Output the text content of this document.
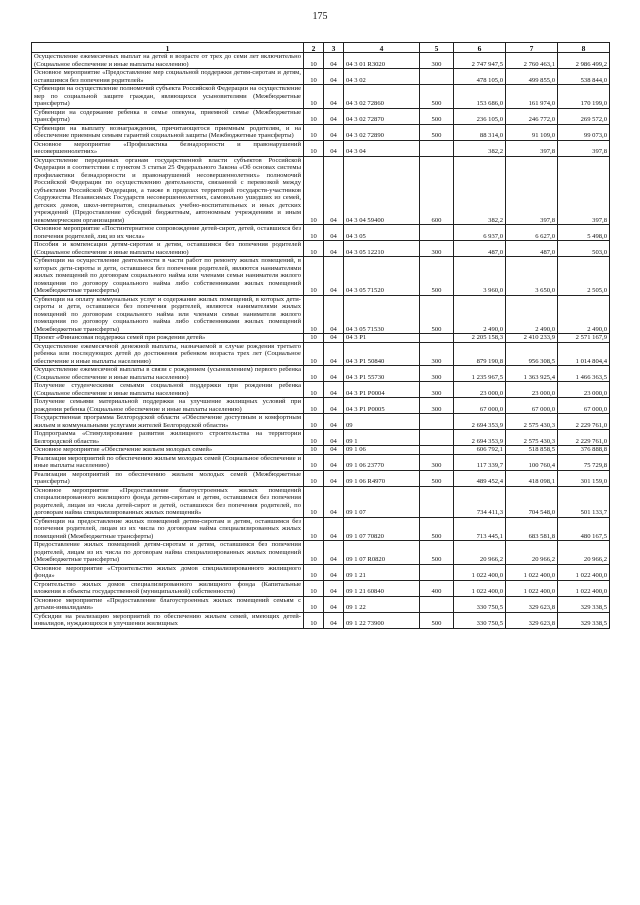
175
1	2	3	4	5	6	7	8
Осуществление ежемесячных выплат на детей в возрасте от трех до семи лет включительно (Социальное обеспечение и иные выплаты населению)	10	04	04 3 01 R3020	300	2 747 947,5	2 760 463,1	2 986 499,2
Основное мероприятие «Предоставление мер социальной поддержки детям-сиротам и детям, оставшимся без попечения родителей»	10	04	04 3 02		478 105,0	499 855,0	538 844,0
Субвенции на осуществление полномочий субъекта Российской Федерации на осуществление мер по социальной защите граждан, являющихся усыновителями (Межбюджетные трансферты)	10	04	04 3 02 72860	500	153 686,0	161 974,0	170 199,0
Субвенции на содержание ребенка в семье опекуна, приемной семье (Межбюджетные трансферты)	10	04	04 3 02 72870	500	236 105,0	246 772,0	269 572,0
Субвенции на выплату вознаграждения, причитающегося приемным родителям, и на обеспечение приемным семьям гарантий социальной защиты (Межбюджетные трансферты)	10	04	04 3 02 72890	500	88 314,0	91 109,0	99 073,0
Основное мероприятие «Профилактика безнадзорности и правонарушений несовершеннолетних»	10	04	04 3 04		382,2	397,8	397,8
Осуществление переданных органам государственной власти субъектов Российской Федерации в соответствии с пунктом 3 статьи 25 Федерального Закона «Об основах системы профилактики безнадзорности и правонарушений несовершеннолетних» полномочий Российской Федерации по осуществлению деятельности, связанной с перевозкой между субъектами Российской Федерации, а также в пределах территорий государств-участников Содружества Независимых Государств несовершеннолетних, самовольно ушедших из семей, детских домов, школ-интернатов, специальных учебно-воспитательных и иных детских учреждений (Предоставление субсидий бюджетным, автономным учреждениям и иным некоммерческим организациям)	10	04	04 3 04 59400	600	382,2	397,8	397,8
Основное мероприятие «Постинтернатное сопровождение детей-сирот, детей, оставшихся без попечения родителей, лиц из их числа»	10	04	04 3 05		6 937,0	6 627,0	5 498,0
Пособия и компенсации детям-сиротам и детям, оставшимся без попечения родителей (Социальное обеспечение и иные выплаты населению)	10	04	04 3 05 12210	300	487,0	487,0	503,0
Субвенции на осуществление деятельности в части работ по ремонту жилых помещений, в которых дети-сироты и дети, оставшиеся без попечения родителей, являются нанимателями жилых помещений по договорам социального найма или членами семьи нанимателя жилого помещения по договору социального найма либо собственниками жилых помещений (Межбюджетные трансферты)	10	04	04 3 05 71520	500	3 960,0	3 650,0	2 505,0
Субвенции на оплату коммунальных услуг и содержание жилых помещений, в которых дети-сироты и дети, оставшиеся без попечения родителей, являются нанимателями жилых помещений по договорам социального найма или членами семьи нанимателя жилого помещения по договору социального найма либо собственниками жилых помещений (Межбюджетные трансферты)	10	04	04 3 05 71530	500	2 490,0	2 490,0	2 490,0
Проект «Финансовая поддержка семей при рождении детей»	10	04	04 3 P1		2 205 158,3	2 410 233,9	2 571 167,9
Осуществление ежемесячной денежной выплаты, назначаемой в случае рождения третьего ребенка или последующих детей до достижения ребенком возраста трех лет (Социальное обеспечение и иные выплаты населению)	10	04	04 3 P1 50840	300	879 190,8	956 308,5	1 014 804,4
Осуществление ежемесячной выплаты в связи с рождением (усыновлением) первого ребенка (Социальное обеспечение и иные выплаты населению)	10	04	04 3 P1 55730	300	1 235 967,5	1 363 925,4	1 466 363,5
Получение студенческими семьями социальной поддержки при рождении ребенка (Социальное обеспечение и иные выплаты населению)	10	04	04 3 P1 P0004	300	23 000,0	23 000,0	23 000,0
Получение семьями материальной поддержки на улучшение жилищных условий при рождении ребенка (Социальное обеспечение и иные выплаты населению)	10	04	04 3 P1 P0005	300	67 000,0	67 000,0	67 000,0
Государственная программа Белгородской области «Обеспечение доступным и комфортным жильем и коммунальными услугами жителей Белгородской области»	10	04	09		2 694 353,9	2 575 430,3	2 229 761,0
Подпрограмма «Стимулирование развития жилищного строительства на территории Белгородской области»	10	04	09 1		2 694 353,9	2 575 430,3	2 229 761,0
Основное мероприятие «Обеспечение жильем молодых семей»	10	04	09 1 06		606 792,1	518 858,5	376 888,8
Реализация мероприятий по обеспечению жильем молодых семей (Социальное обеспечение и иные выплаты населению)	10	04	09 1 06 23770	300	117 339,7	100 760,4	75 729,8
Реализация мероприятий по обеспечению жильем молодых семей (Межбюджетные трансферты)	10	04	09 1 06 R4970	500	489 452,4	418 098,1	301 159,0
Основное мероприятие «Предоставление благоустроенных жилых помещений специализированного жилищного фонда детям-сиротам и детям, оставшимся без попечения родителей, лицам из числа детей-сирот и детей, оставшихся без попечения родителей, по договорам найма специализированных жилых помещений»	10	04	09 1 07		734 411,3	704 548,0	501 133,7
Субвенции на предоставление жилых помещений детям-сиротам и детям, оставшимся без попечения родителей, лицам из их числа по договорам найма специализированных жилых помещений (Межбюджетные трансферты)	10	04	09 1 07 70820	500	713 445,1	683 581,8	480 167,5
Предоставление жилых помещений детям-сиротам и детям, оставшимся без попечения родителей, лицам из их числа по договорам найма специализированных жилых помещений (Межбюджетные трансферты)	10	04	09 1 07 R0820	500	20 966,2	20 966,2	20 966,2
Основное мероприятие «Строительство жилых домов специализированного жилищного фонда»	10	04	09 1 21		1 022 400,0	1 022 400,0	1 022 400,0
Строительство жилых домов специализированного жилищного фонда (Капитальные вложения в объекты государственной (муниципальной) собственности)	10	04	09 1 21 60840	400	1 022 400,0	1 022 400,0	1 022 400,0
Основное мероприятие «Предоставление благоустроенных жилых помещений семьям с детьми-инвалидами»	10	04	09 1 22		330 750,5	329 623,8	329 338,5
Субсидии на реализацию мероприятий по обеспечению жильем семей, имеющих детей-инвалидов, нуждающихся в улучшении жилищных	10	04	09 1 22 73900	500	330 750,5	329 623,8	329 338,5
